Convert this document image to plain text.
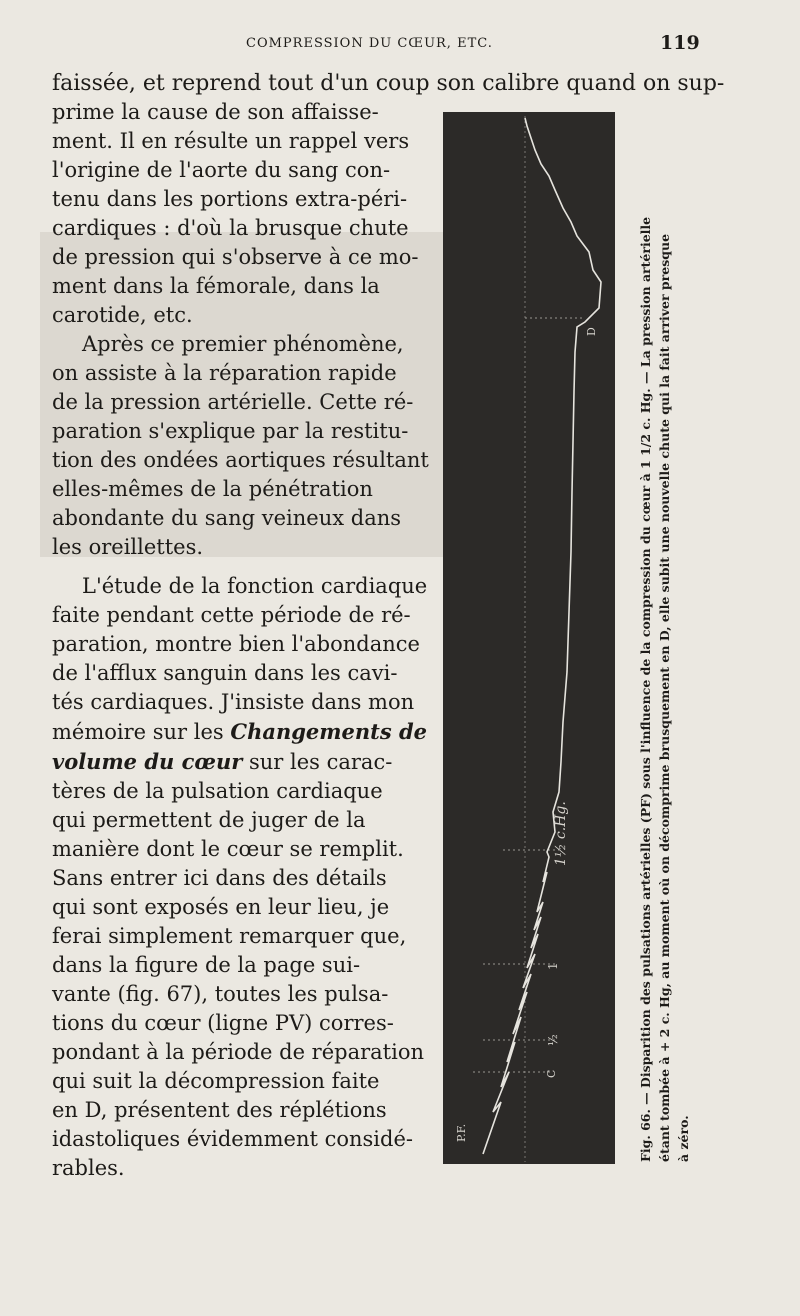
COMPRESSION DU CŒUR, ETC.	119
faissée, et reprend tout d'un coup son calibre quand on sup-
prime la cause de son affaisse-
ment. Il en résulte un rappel vers
l'origine de l'aorte du sang con-
tenu dans les portions extra-péri-
cardiques : d'où la brusque chute
de pression qui s'observe à ce mo-
ment dans la fémorale, dans la
carotide, etc.
Après ce premier phénomène,
on assiste à la réparation rapide
de la pression artérielle. Cette ré-
paration s'explique par la restitu-
tion des ondées aortiques résultant
elles-mêmes de la pénétration
abondante du sang veineux dans
les oreillettes.
L'étude de la fonction cardiaque
faite pendant cette période de ré-
paration, montre bien l'abondance
de l'afflux sanguin dans les cavi-
tés cardiaques. J'insiste dans mon
mémoire sur les Changements de
volume du cœur sur les carac-
tères de la pulsation cardiaque
qui permettent de juger de la
manière dont le cœur se remplit.
Sans entrer ici dans des détails
qui sont exposés en leur lieu, je
ferai simplement remarquer que,
dans la figure de la page sui-
vante (fig. 67), toutes les pulsa-
tions du cœur (ligne PV) corres-
pondant à la période de réparation
qui suit la décompression faite
en D, présentent des réplétions
idastoliques évidemment considé-
rables.
P.F.
C
½
1
1½ c.Hg.
D	Fig. 66. — Disparition des pulsations artérielles (PF) sous l'influence de la compression du cœur à 1 1/2 c. Hg. — La pression artérielle étant tombée à + 2 c. Hg, au moment où on décomprime brusquement en D, elle subit une nouvelle chute qui la fait arriver presque à zéro.
